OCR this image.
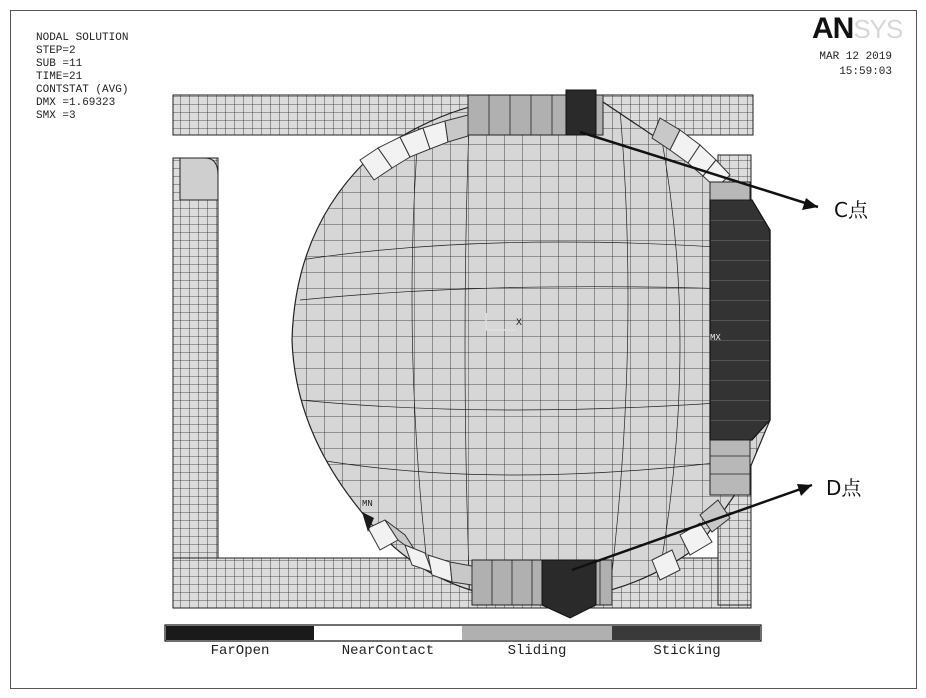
NODAL SOLUTION
STEP=2
SUB =11
TIME=21
CONTSTAT (AVG)
DMX =1.69323
SMX =3
ANSYS
MAR 12 2019
15:59:03
MX
MN
X
C点
D点
FarOpen	NearContact	Sliding	Sticking
